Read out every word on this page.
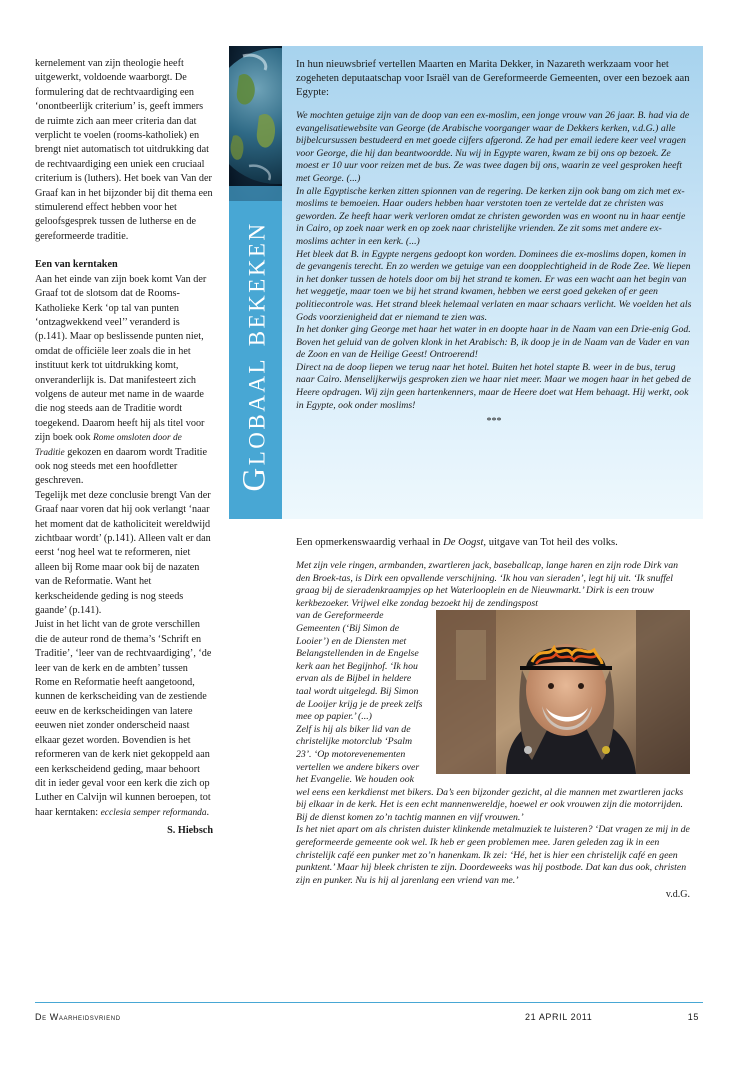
kernelement van zijn theologie heeft uitgewerkt, voldoende waarborgt. De formulering dat de rechtvaardiging een ‘onontbeerlijk criterium’ is, geeft immers de ruimte zich aan meer criteria dan dat verplicht te voelen (rooms-katholiek) en brengt niet automatisch tot uitdrukking dat de rechtvaardiging een uniek een cruciaal criterium is (luthers). Het boek van Van der Graaf kan in het bijzonder bij dit thema een stimulerend effect hebben voor het geloofsgesprek tussen de lutherse en de gereformeerde traditie.

Een van kerntaken

Aan het einde van zijn boek komt Van der Graaf tot de slotsom dat de Rooms-Katholieke Kerk ‘op tal van punten ‘ontzagwekkend veel’’ veranderd is (p.141). Maar op beslissende punten niet, omdat de officiële leer zoals die in het instituut kerk tot uitdrukking komt, onveranderlijk is. Dat manifesteert zich volgens de auteur met name in de waarde die nog steeds aan de Traditie wordt toegekend. Daarom heeft hij als titel voor zijn boek ook Rome omsloten door de Traditie gekozen en daarom wordt Traditie ook nog steeds met een hoofdletter geschreven.

Tegelijk met deze conclusie brengt Van der Graaf naar voren dat hij ook verlangt ‘naar het moment dat de katholiciteit wereldwijd zichtbaar wordt’ (p.141). Alleen valt er dan eerst ‘nog heel wat te reformeren, niet alleen bij Rome maar ook bij de nazaten van de Reformatie. Want het kerkscheidende geding is nog steeds gaande’ (p.141).

Juist in het licht van de grote verschillen die de auteur rond de thema’s ‘Schrift en Traditie’, ‘leer van de rechtvaardiging’, ‘de leer van de kerk en de ambten’ tussen Rome en Reformatie heeft aangetoond, kunnen de kerkscheiding van de zestiende eeuw en de kerkscheidingen van latere eeuwen niet zonder onderscheid naast elkaar gezet worden. Bovendien is het reformeren van de kerk niet gekoppeld aan een kerkscheidend geding, maar behoort dit in ieder geval voor een kerk die zich op Luther en Calvijn wil kunnen beroepen, tot haar kerntaken: ecclesia semper reformanda.

S. Hiebsch

Globaal bekeken

In hun nieuwsbrief vertellen Maarten en Marita Dekker, in Nazareth werkzaam voor het zogeheten deputaatschap voor Israël van de Gereformeerde Gemeenten, over een bezoek aan Egypte:

We mochten getuige zijn van de doop van een ex-moslim, een jonge vrouw van 26 jaar. B. had via de evangelisatiewebsite van George (de Arabische voorganger waar de Dekkers kerken, v.d.G.) alle bijbelcursussen bestudeerd en met goede cijfers afgerond. Ze had per email iedere keer veel vragen voor George, die hij dan beantwoordde. Nu wij in Egypte waren, kwam ze bij ons op bezoek. Ze moest er 10 uur voor reizen met de bus. Ze was twee dagen bij ons, waarin ze veel gesproken heeft met George. (...)

In alle Egyptische kerken zitten spionnen van de regering. De kerken zijn ook bang om zich met ex-moslims te bemoeien. Haar ouders hebben haar verstoten toen ze vertelde dat ze christen was geworden. Ze heeft haar werk verloren omdat ze christen geworden was en woont nu in haar eentje in Cairo, op zoek naar werk en op zoek naar christelijke vrienden. Ze zit soms met andere ex-moslims achter in een kerk. (...)

Het bleek dat B. in Egypte nergens gedoopt kon worden. Dominees die ex-moslims dopen, komen in de gevangenis terecht. En zo werden we getuige van een doopplechtigheid in de Rode Zee. We liepen in het donker tussen de hotels door om bij het strand te komen. Er was een wacht aan het begin van het weggetje, maar toen we bij het strand kwamen, hebben we eerst goed gekeken of er geen politiecontrole was. Het strand bleek helemaal verlaten en maar schaars verlicht. We voelden het als Gods voorzienigheid dat er niemand te zien was.

In het donker ging George met haar het water in en doopte haar in de Naam van een Drie-enig God. Boven het geluid van de golven klonk in het Arabisch: B, ik doop je in de Naam van de Vader en van de Zoon en van de Heilige Geest! Ontroerend!

Direct na de doop liepen we terug naar het hotel. Buiten het hotel stapte B. weer in de bus, terug naar Cairo. Menselijkerwijs gesproken zien we haar niet meer. Maar we mogen haar in het gebed de Heere opdragen. Wij zijn geen hartenkenners, maar de Heere doet wat Hem behaagt. Hij werkt, ook in Egypte, ook onder moslims!

***

Een opmerkenswaardig verhaal in De Oogst, uitgave van Tot heil des volks.

Met zijn vele ringen, armbanden, zwartleren jack, baseballcap, lange haren en zijn rode Dirk van den Broek-tas, is Dirk een opvallende verschijning. ‘Ik hou van sieraden’, legt hij uit. ‘Ik snuffel graag bij de sieradenkraampjes op het Waterlooplein en de Nieuwmarkt.’ Dirk is een trouw kerkbezoeker. Vrijwel elke zondag bezoekt hij de zendingspost

van de Gereformeerde Gemeenten (‘Bij Simon de Looier’) en de Diensten met Belangstellenden in de Engelse kerk aan het Begijnhof. ‘Ik hou ervan als de Bijbel in heldere taal wordt uitgelegd. Bij Simon de Looijer krijg je de preek zelfs mee op papier.’ (...)
Zelf is hij als biker lid van de christelijke motorclub ‘Psalm 23’. ‘Op motorevenementen vertellen we andere bikers over het Evangelie. We houden ook wel eens een kerkdienst met bikers. Da’s een bijzonder gezicht, al die mannen met zwartleren jacks bij elkaar in de kerk. Het is een echt mannenwereldje, hoewel er ook vrouwen zijn die motorrijden. Bij de dienst komen zo’n tachtig mannen en vijf vrouwen.’

Is het niet apart om als christen duister klinkende metalmuziek te luisteren? ‘Dat vragen ze mij in de gereformeerde gemeente ook wel. Ik heb er geen problemen mee. Jaren geleden zag ik in een christelijk café een punker met zo’n hanenkam. Ik zei: ‘Hé, het is hier een christelijk café en geen punktent.’ Maar hij bleek christen te zijn. Doordeweeks was hij postbode. Dat kan dus ook, christen zijn en punker. Nu is hij al jarenlang een vriend van me.’

v.d.G.

De Waarheidsvriend	21 APRIL 2011	15
